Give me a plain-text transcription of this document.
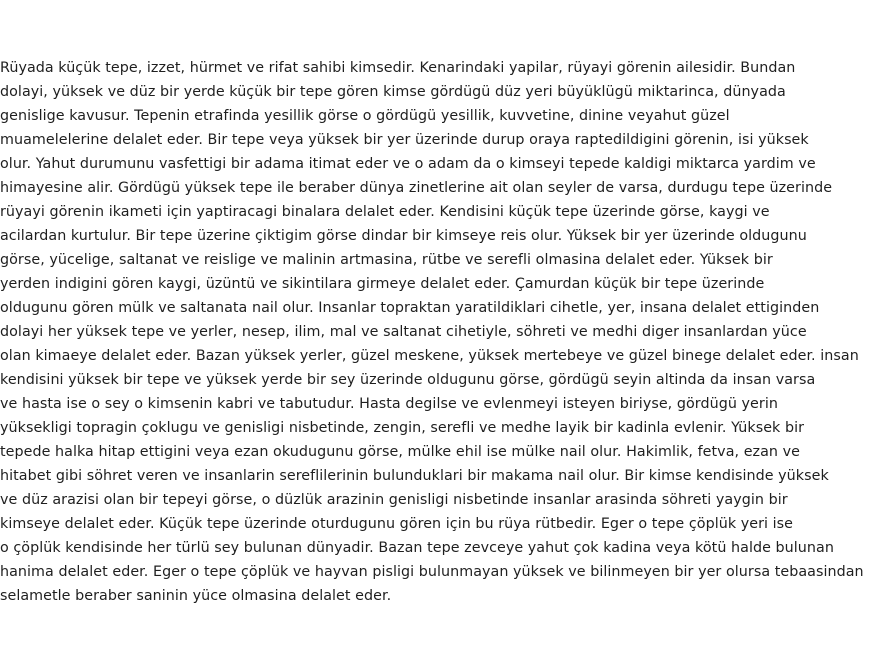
Rüyada küçük tepe, izzet, hürmet ve rifat sahibi kimsedir. Kenarindaki yapilar, rüyayi görenin ailesidir. Bundan
dolayi, yüksek ve düz bir yerde küçük bir tepe gören kimse gördügü düz yeri büyüklügü miktarinca, dünyada
genislige kavusur. Tepenin etrafinda yesillik görse o gördügü yesillik, kuvvetine, dinine veyahut güzel
muamelelerine delalet eder. Bir tepe veya yüksek bir yer üzerinde durup oraya raptedildigini görenin, isi yüksek
olur. Yahut durumunu vasfettigi bir adama itimat eder ve o adam da o kimseyi tepede kaldigi miktarca yardim ve
himayesine alir. Gördügü yüksek tepe ile beraber dünya zinetlerine ait olan seyler de varsa, durdugu tepe üzerinde
rüyayi görenin ikameti için yaptiracagi binalara delalet eder. Kendisini küçük tepe üzerinde görse, kaygi ve
acilardan kurtulur. Bir tepe üzerine çiktigim görse dindar bir kimseye reis olur. Yüksek bir yer üzerinde oldugunu
görse, yücelige, saltanat ve reislige ve malinin artmasina, rütbe ve serefli olmasina delalet eder. Yüksek bir
yerden indigini gören kaygi, üzüntü ve sikintilara girmeye delalet eder. Çamurdan küçük bir tepe üzerinde
oldugunu gören mülk ve saltanata nail olur. Insanlar topraktan yaratildiklari cihetle, yer, insana delalet ettiginden
dolayi her yüksek tepe ve yerler, nesep, ilim, mal ve saltanat cihetiyle, söhreti ve medhi diger insanlardan yüce
olan kimaeye delalet eder. Bazan yüksek yerler, güzel meskene, yüksek mertebeye ve güzel binege delalet eder. insan
kendisini yüksek bir tepe ve yüksek yerde bir sey üzerinde oldugunu görse, gördügü seyin altinda da insan varsa
ve hasta ise o sey o kimsenin kabri ve tabutudur. Hasta degilse ve evlenmeyi isteyen biriyse, gördügü yerin
yüksekligi topragin çoklugu ve genisligi nisbetinde, zengin, serefli ve medhe layik bir kadinla evlenir. Yüksek bir
tepede halka hitap ettigini veya ezan okudugunu görse, mülke ehil ise mülke nail olur. Hakimlik, fetva, ezan ve
hitabet gibi söhret veren ve insanlarin sereflilerinin bulunduklari bir makama nail olur. Bir kimse kendisinde yüksek
ve düz arazisi olan bir tepeyi görse, o düzlük arazinin genisligi nisbetinde insanlar arasinda söhreti yaygin bir
kimseye delalet eder. Küçük tepe üzerinde oturdugunu gören için bu rüya rütbedir. Eger o tepe çöplük yeri ise
o çöplük kendisinde her türlü sey bulunan dünyadir. Bazan tepe zevceye yahut çok kadina veya kötü halde bulunan
hanima delalet eder. Eger o tepe çöplük ve hayvan pisligi bulunmayan yüksek ve bilinmeyen bir yer olursa tebaasindan
selametle beraber saninin yüce olmasina delalet eder.
